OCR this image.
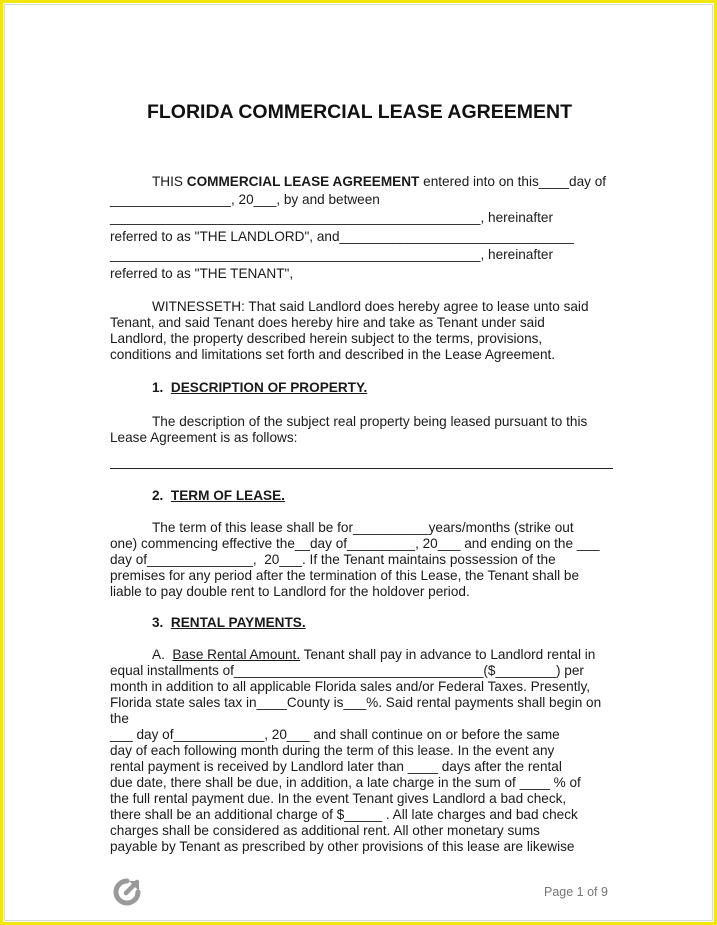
FLORIDA COMMERCIAL LEASE AGREEMENT
THIS COMMERCIAL LEASE AGREEMENT entered into on this____day of
________________, 20___, by and between
_________________________________________________, hereinafter
referred to as "THE LANDLORD", and_______________________________
_________________________________________________, hereinafter
referred to as "THE TENANT",
WITNESSETH: That said Landlord does hereby agree to lease unto said
Tenant, and said Tenant does hereby hire and take as Tenant under said
Landlord, the property described herein subject to the terms, provisions,
conditions and limitations set forth and described in the Lease Agreement.
1. DESCRIPTION OF PROPERTY.
The description of the subject real property being leased pursuant to this
Lease Agreement is as follows:
2. TERM OF LEASE.
The term of this lease shall be for__________years/months (strike out
one) commencing effective the__day of_________, 20___ and ending on the ___
day of______________,  20___. If the Tenant maintains possession of the
premises for any period after the termination of this Lease, the Tenant shall be
liable to pay double rent to Landlord for the holdover period.
3. RENTAL PAYMENTS.
A.  Base Rental Amount. Tenant shall pay in advance to Landlord rental in
equal installments of_________________________________($________) per
month in addition to all applicable Florida sales and/or Federal Taxes. Presently,
Florida state sales tax in____County is___%. Said rental payments shall begin on
the
___ day of____________, 20___ and shall continue on or before the same
day of each following month during the term of this lease. In the event any
rental payment is received by Landlord later than ____ days after the rental
due date, there shall be due, in addition, a late charge in the sum of ____ % of
the full rental payment due. In the event Tenant gives Landlord a bad check,
there shall be an additional charge of $_____ . All late charges and bad check
charges shall be considered as additional rent. All other monetary sums
payable by Tenant as prescribed by other provisions of this lease are likewise
Page 1 of 9
